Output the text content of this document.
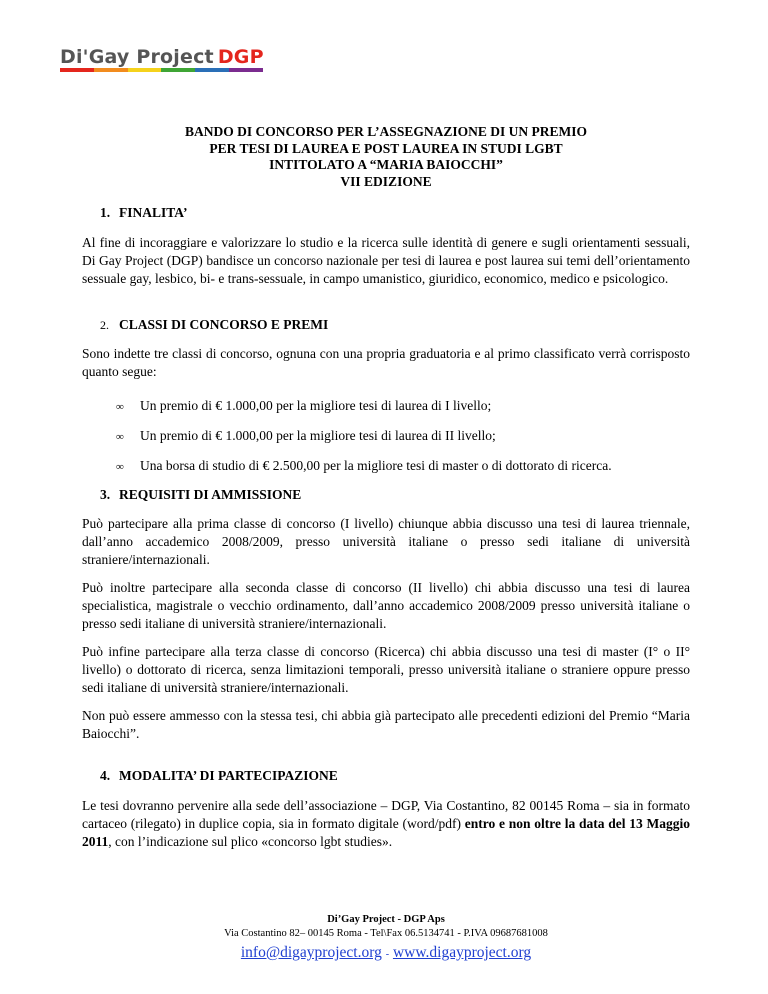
Di'Gay Project DGP
BANDO DI CONCORSO PER L’ASSEGNAZIONE DI UN PREMIO
PER TESI DI LAUREA E POST LAUREA IN STUDI LGBT
INTITOLATO A “MARIA BAIOCCHI”
VII EDIZIONE
1. FINALITA’
Al fine di incoraggiare e valorizzare lo studio e la ricerca sulle identità di genere e sugli orientamenti sessuali, Di Gay Project (DGP) bandisce un concorso nazionale per tesi di laurea e post laurea sui temi dell’orientamento sessuale gay, lesbico, bi- e trans-sessuale, in campo umanistico, giuridico, economico, medico e psicologico.
2. CLASSI DI CONCORSO E PREMI
Sono indette tre classi di concorso, ognuna con una propria graduatoria e al primo classificato verrà corrisposto quanto segue:
∞ Un premio di € 1.000,00 per la migliore tesi di laurea di I livello;
∞ Un premio di € 1.000,00 per la migliore tesi di laurea di II livello;
∞ Una borsa di studio di € 2.500,00 per la migliore tesi di master o di dottorato di ricerca.
3. REQUISITI DI AMMISSIONE
Può partecipare alla prima classe di concorso (I livello) chiunque abbia discusso una tesi di laurea triennale, dall’anno accademico 2008/2009, presso università italiane o presso sedi italiane di università straniere/internazionali.
Può inoltre partecipare alla seconda classe di concorso (II livello) chi abbia discusso una tesi di laurea specialistica, magistrale o vecchio ordinamento, dall’anno accademico 2008/2009 presso università italiane o presso sedi italiane di università straniere/internazionali.
Può infine partecipare alla terza classe di concorso (Ricerca) chi abbia discusso una tesi di master (I° o II° livello) o dottorato di ricerca, senza limitazioni temporali, presso università italiane o straniere oppure presso sedi italiane di università straniere/internazionali.
Non può essere ammesso con la stessa tesi, chi abbia già partecipato alle precedenti edizioni del Premio “Maria Baiocchi”.
4. MODALITA’ DI PARTECIPAZIONE
Le tesi dovranno pervenire alla sede dell’associazione – DGP, Via Costantino, 82 00145 Roma – sia in formato cartaceo (rilegato) in duplice copia, sia in formato digitale (word/pdf) entro e non oltre la data del 13 Maggio 2011, con l’indicazione sul plico «concorso lgbt studies».
Di’Gay Project - DGP Aps
Via Costantino 82– 00145 Roma - Tel\Fax 06.5134741 - P.IVA 09687681008
info@digayproject.org - www.digayproject.org
